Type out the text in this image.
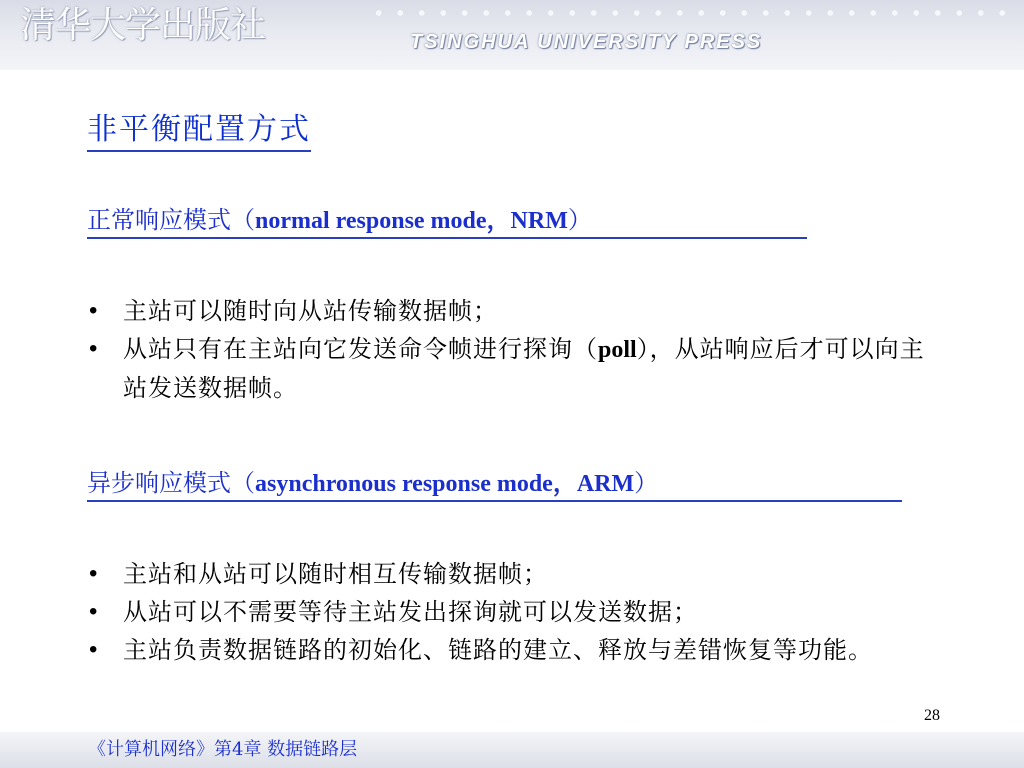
清华大学出版社	TSINGHUA UNIVERSITY PRESS
非平衡配置方式
正常响应模式（normal response mode，NRM）
• 主站可以随时向从站传输数据帧；
• 从站只有在主站向它发送命令帧进行探询（poll），从站响应后才可以向主站发送数据帧。
异步响应模式（asynchronous response mode，ARM）
• 主站和从站可以随时相互传输数据帧；
• 从站可以不需要等待主站发出探询就可以发送数据；
• 主站负责数据链路的初始化、链路的建立、释放与差错恢复等功能。
28
《计算机网络》第4章 数据链路层
